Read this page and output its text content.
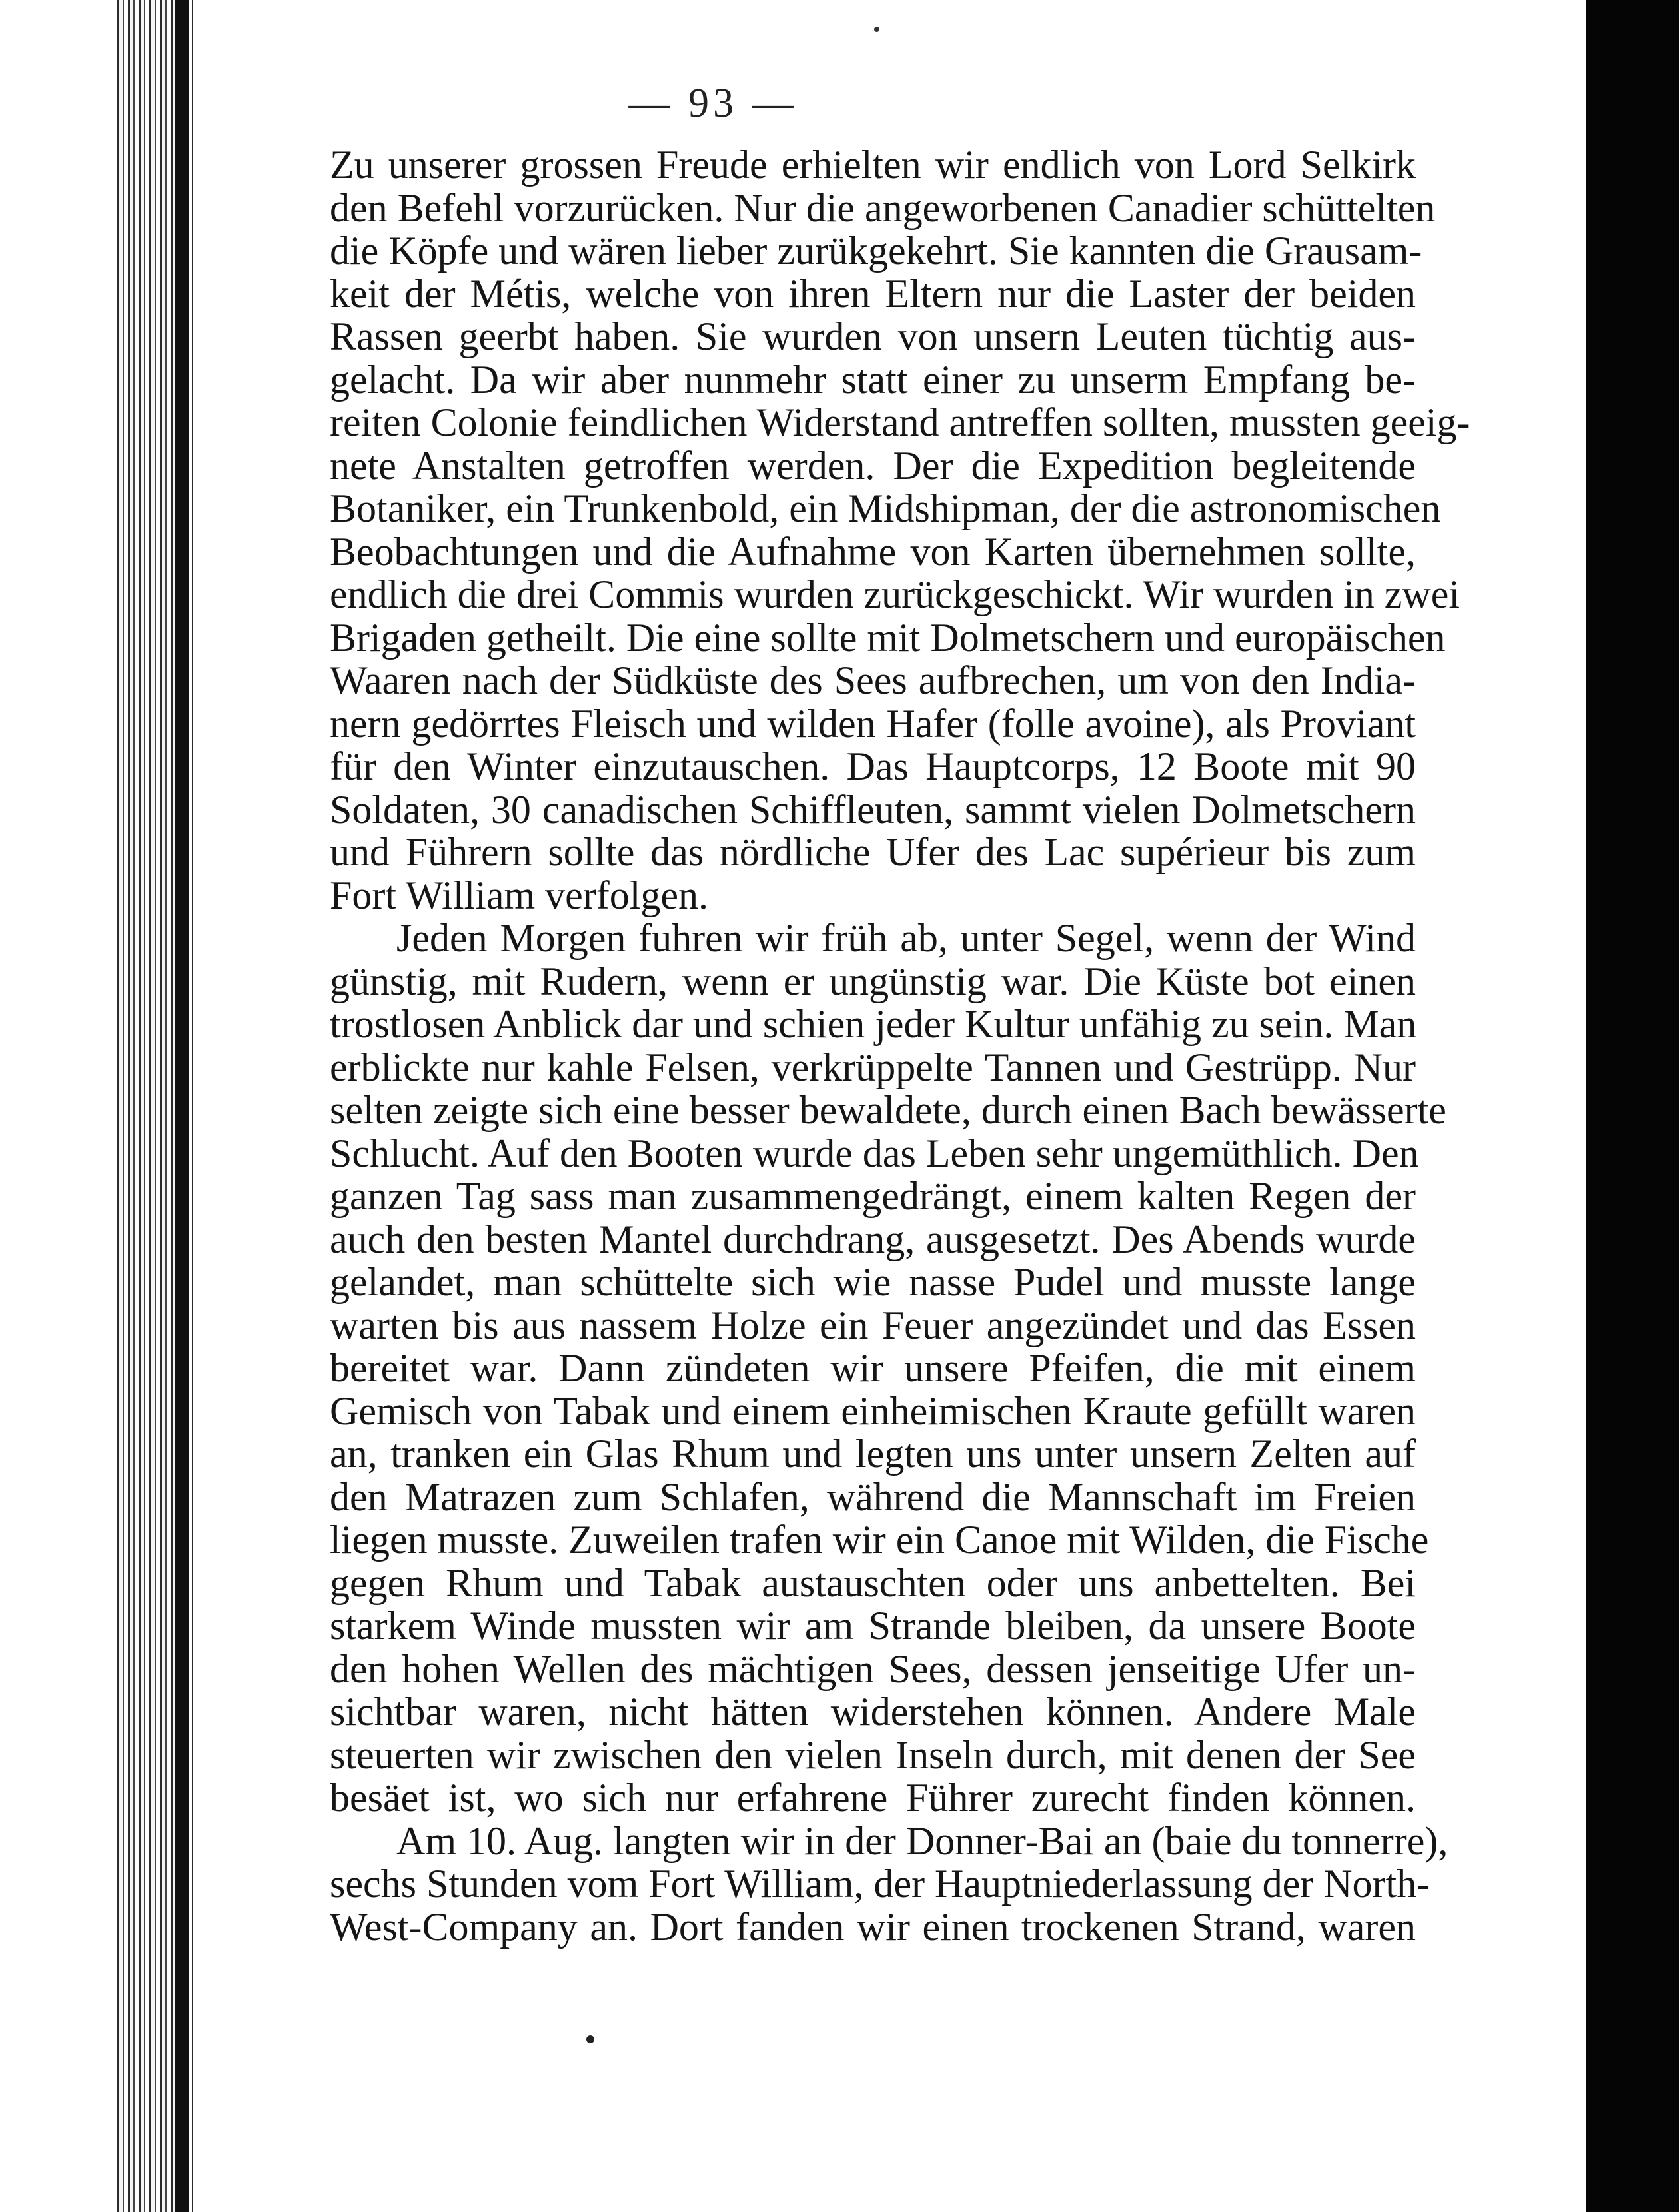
— 93 —
Zu unserer grossen Freude erhielten wir endlich von Lord Selkirk
den Befehl vorzurücken. Nur die angeworbenen Canadier schüttelten
die Köpfe und wären lieber zurükgekehrt. Sie kannten die Grausam-
keit der Métis, welche von ihren Eltern nur die Laster der beiden
Rassen geerbt haben. Sie wurden von unsern Leuten tüchtig aus-
gelacht. Da wir aber nunmehr statt einer zu unserm Empfang be-
reiten Colonie feindlichen Widerstand antreffen sollten, mussten geeig-
nete Anstalten getroffen werden. Der die Expedition begleitende
Botaniker, ein Trunkenbold, ein Midshipman, der die astronomischen
Beobachtungen und die Aufnahme von Karten übernehmen sollte,
endlich die drei Commis wurden zurückgeschickt. Wir wurden in zwei
Brigaden getheilt. Die eine sollte mit Dolmetschern und europäischen
Waaren nach der Südküste des Sees aufbrechen, um von den India-
nern gedörrtes Fleisch und wilden Hafer (folle avoine), als Proviant
für den Winter einzutauschen. Das Hauptcorps, 12 Boote mit 90
Soldaten, 30 canadischen Schiffleuten, sammt vielen Dolmetschern
und Führern sollte das nördliche Ufer des Lac supérieur bis zum
Fort William verfolgen.
Jeden Morgen fuhren wir früh ab, unter Segel, wenn der Wind
günstig, mit Rudern, wenn er ungünstig war. Die Küste bot einen
trostlosen Anblick dar und schien jeder Kultur unfähig zu sein. Man
erblickte nur kahle Felsen, verkrüppelte Tannen und Gestrüpp. Nur
selten zeigte sich eine besser bewaldete, durch einen Bach bewässerte
Schlucht. Auf den Booten wurde das Leben sehr ungemüthlich. Den
ganzen Tag sass man zusammengedrängt, einem kalten Regen der
auch den besten Mantel durchdrang, ausgesetzt. Des Abends wurde
gelandet, man schüttelte sich wie nasse Pudel und musste lange
warten bis aus nassem Holze ein Feuer angezündet und das Essen
bereitet war. Dann zündeten wir unsere Pfeifen, die mit einem
Gemisch von Tabak und einem einheimischen Kraute gefüllt waren
an, tranken ein Glas Rhum und legten uns unter unsern Zelten auf
den Matrazen zum Schlafen, während die Mannschaft im Freien
liegen musste. Zuweilen trafen wir ein Canoe mit Wilden, die Fische
gegen Rhum und Tabak austauschten oder uns anbettelten. Bei
starkem Winde mussten wir am Strande bleiben, da unsere Boote
den hohen Wellen des mächtigen Sees, dessen jenseitige Ufer un-
sichtbar waren, nicht hätten widerstehen können. Andere Male
steuerten wir zwischen den vielen Inseln durch, mit denen der See
besäet ist, wo sich nur erfahrene Führer zurecht finden können.
Am 10. Aug. langten wir in der Donner-Bai an (baie du tonnerre),
sechs Stunden vom Fort William, der Hauptniederlassung der North-
West-Company an. Dort fanden wir einen trockenen Strand, waren
